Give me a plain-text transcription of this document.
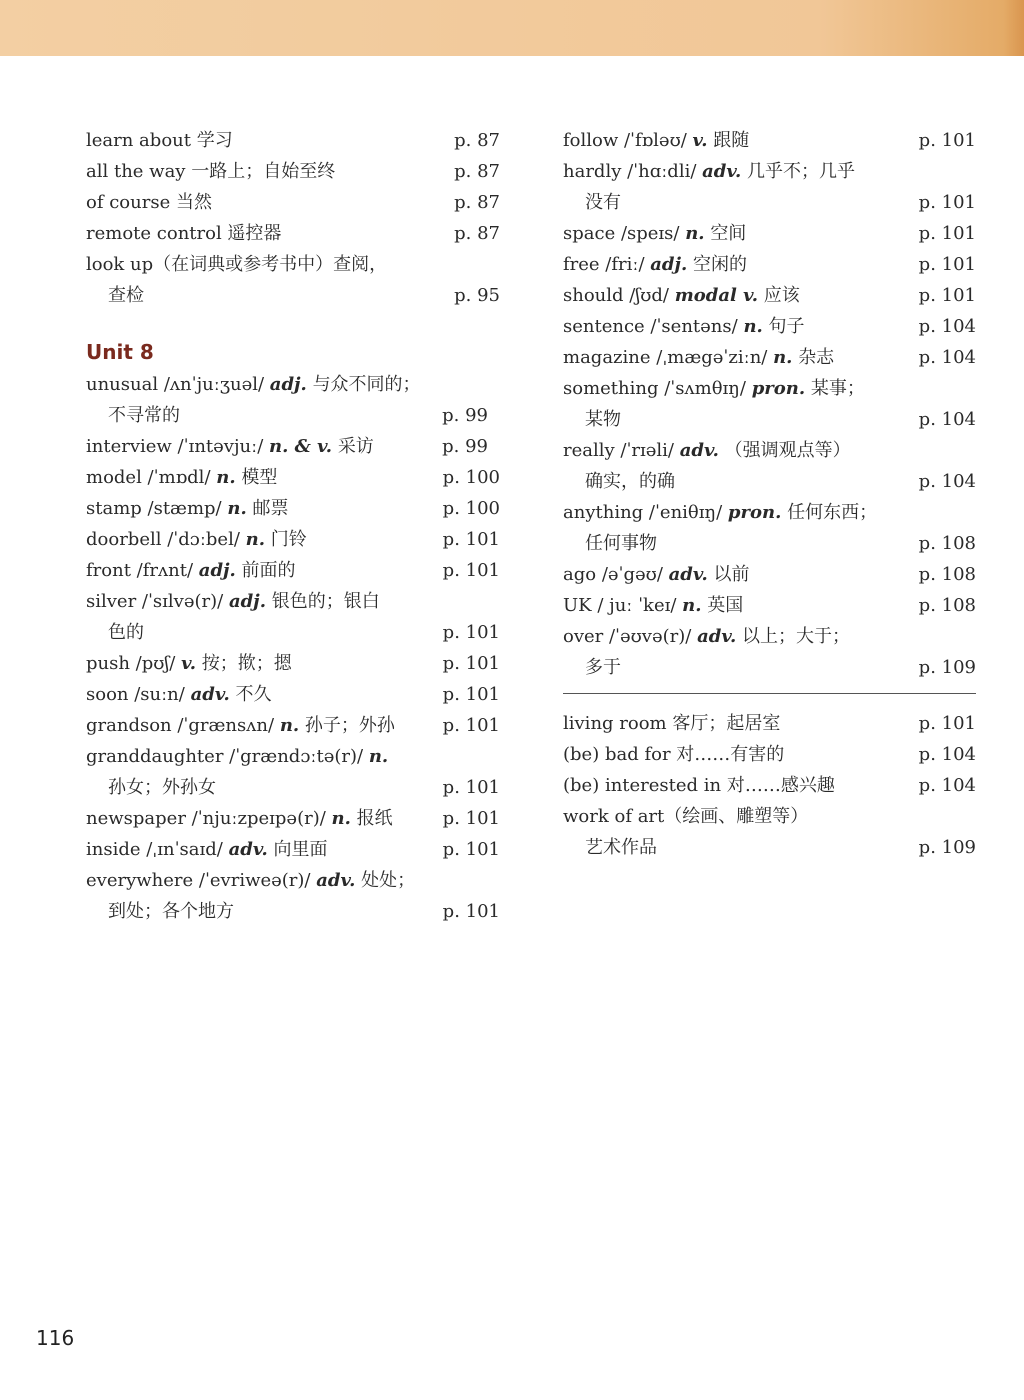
learn about 学习	p. 87
all the way 一路上；自始至终	p. 87
of course 当然	p. 87
remote control 遥控器	p. 87
look up（在词典或参考书中）查阅，
查检	p. 95
Unit 8
unusual /ʌnˈjuːʒuəl/ adj. 与众不同的；
不寻常的	p. 99
interview /ˈɪntəvjuː/ n. & v. 采访	p. 99
model /ˈmɒdl/ n. 模型	p. 100
stamp /stæmp/ n. 邮票	p. 100
doorbell /ˈdɔːbel/ n. 门铃	p. 101
front /frʌnt/ adj. 前面的	p. 101
silver /ˈsɪlvə(r)/ adj. 银色的；银白
色的	p. 101
push /pʊʃ/ v. 按；揿；摁	p. 101
soon /suːn/ adv. 不久	p. 101
grandson /ˈgrænsʌn/ n. 孙子；外孙	p. 101
granddaughter /ˈgrændɔːtə(r)/ n.
孙女；外孙女	p. 101
newspaper /ˈnjuːzpeɪpə(r)/ n. 报纸	p. 101
inside /ˌɪnˈsaɪd/ adv. 向里面	p. 101
everywhere /ˈevriweə(r)/ adv. 处处；
到处；各个地方	p. 101
follow /ˈfɒləʊ/ v. 跟随	p. 101
hardly /ˈhɑːdli/ adv. 几乎不；几乎
没有	p. 101
space /speɪs/ n. 空间	p. 101
free /friː/ adj. 空闲的	p. 101
should /ʃʊd/ modal v. 应该	p. 101
sentence /ˈsentəns/ n. 句子	p. 104
magazine /ˌmægəˈziːn/ n. 杂志	p. 104
something /ˈsʌmθɪŋ/ pron. 某事；
某物	p. 104
really /ˈrɪəli/ adv. （强调观点等）
确实，的确	p. 104
anything /ˈeniθɪŋ/ pron. 任何东西；
任何事物	p. 108
ago /əˈgəʊ/ adv. 以前	p. 108
UK / juː ˈkeɪ/ n. 英国	p. 108
over /ˈəʊvə(r)/ adv. 以上；大于；
多于	p. 109
living room 客厅；起居室	p. 101
(be) bad for 对……有害的	p. 104
(be) interested in 对……感兴趣	p. 104
work of art（绘画、雕塑等）
艺术作品	p. 109
116
